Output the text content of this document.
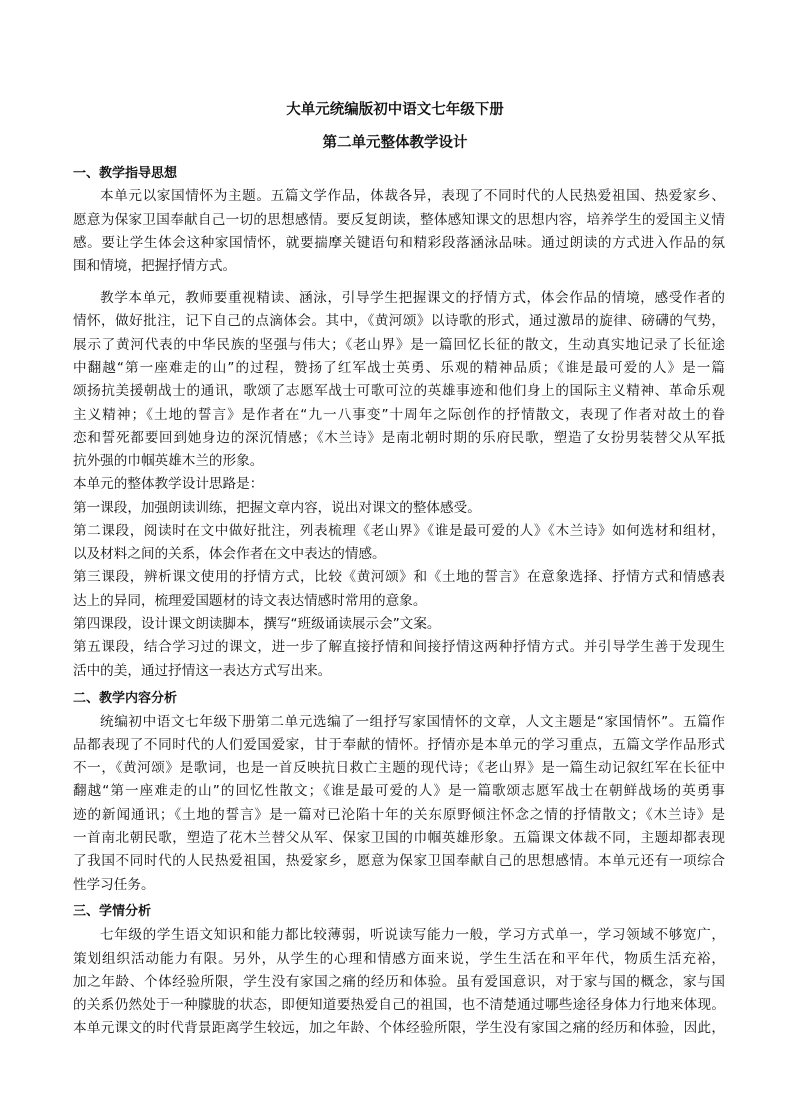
大单元统编版初中语文七年级下册
第二单元整体教学设计
一、教学指导思想
本单元以家国情怀为主题。五篇文学作品，体裁各异，表现了不同时代的人民热爱祖国、热爱家乡、
愿意为保家卫国奉献自己一切的思想感情。要反复朗读，整体感知课文的思想内容，培养学生的爱国主义情
感。要让学生体会这种家国情怀，就要揣摩关键语句和精彩段落涵泳品味。通过朗读的方式进入作品的氛
围和情境，把握抒情方式。
教学本单元，教师要重视精读、涵泳，引导学生把握课文的抒情方式，体会作品的情境，感受作者的
情怀，做好批注，记下自己的点滴体会。其中，《黄河颂》以诗歌的形式，通过激昂的旋律、磅礴的气势，
展示了黄河代表的中华民族的坚强与伟大；《老山界》是一篇回忆长征的散文，生动真实地记录了长征途
中翻越“第一座难走的山”的过程，赞扬了红军战士英勇、乐观的精神品质；《谁是最可爱的人》是一篇
颂扬抗美援朝战士的通讯，歌颂了志愿军战士可歌可泣的英雄事迹和他们身上的国际主义精神、革命乐观
主义精神；《土地的誓言》是作者在“九一八事变”十周年之际创作的抒情散文，表现了作者对故土的眷
恋和誓死都要回到她身边的深沉情感；《木兰诗》是南北朝时期的乐府民歌，塑造了女扮男装替父从军抵
抗外强的巾帼英雄木兰的形象。
本单元的整体教学设计思路是：
第一课段，加强朗读训练，把握文章内容，说出对课文的整体感受。
第二课段，阅读时在文中做好批注，列表梳理《老山界》《谁是最可爱的人》《木兰诗》如何选材和组材，
以及材料之间的关系，体会作者在文中表达的情感。
第三课段，辨析课文使用的抒情方式，比较《黄河颂》和《土地的誓言》在意象选择、抒情方式和情感表
达上的异同，梳理爱国题材的诗文表达情感时常用的意象。
第四课段，设计课文朗读脚本，撰写“班级诵读展示会”文案。
第五课段，结合学习过的课文，进一步了解直接抒情和间接抒情这两种抒情方式。并引导学生善于发现生
活中的美，通过抒情这一表达方式写出来。
二、教学内容分析
统编初中语文七年级下册第二单元选编了一组抒写家国情怀的文章，人文主题是“家国情怀”。五篇作
品都表现了不同时代的人们爱国爱家，甘于奉献的情怀。抒情亦是本单元的学习重点，五篇文学作品形式
不一，《黄河颂》是歌词，也是一首反映抗日救亡主题的现代诗；《老山界》是一篇生动记叙红军在长征中
翻越“第一座难走的山”的回忆性散文；《谁是最可爱的人》是一篇歌颂志愿军战士在朝鲜战场的英勇事
迹的新闻通讯；《土地的誓言》是一篇对已沦陷十年的关东原野倾注怀念之情的抒情散文；《木兰诗》是
一首南北朝民歌，塑造了花木兰替父从军、保家卫国的巾帼英雄形象。五篇课文体裁不同，主题却都表现
了我国不同时代的人民热爱祖国，热爱家乡，愿意为保家卫国奉献自己的思想感情。本单元还有一项综合
性学习任务。
三、学情分析
七年级的学生语文知识和能力都比较薄弱，听说读写能力一般，学习方式单一，学习领域不够宽广，
策划组织活动能力有限。另外，从学生的心理和情感方面来说，学生生活在和平年代，物质生活充裕，
加之年龄、个体经验所限，学生没有家国之痛的经历和体验。虽有爱国意识，对于家与国的概念，家与国
的关系仍然处于一种朦胧的状态，即便知道要热爱自己的祖国，也不清楚通过哪些途径身体力行地来体现。
本单元课文的时代背景距离学生较远，加之年龄、个体经验所限，学生没有家国之痛的经历和体验，因此，
